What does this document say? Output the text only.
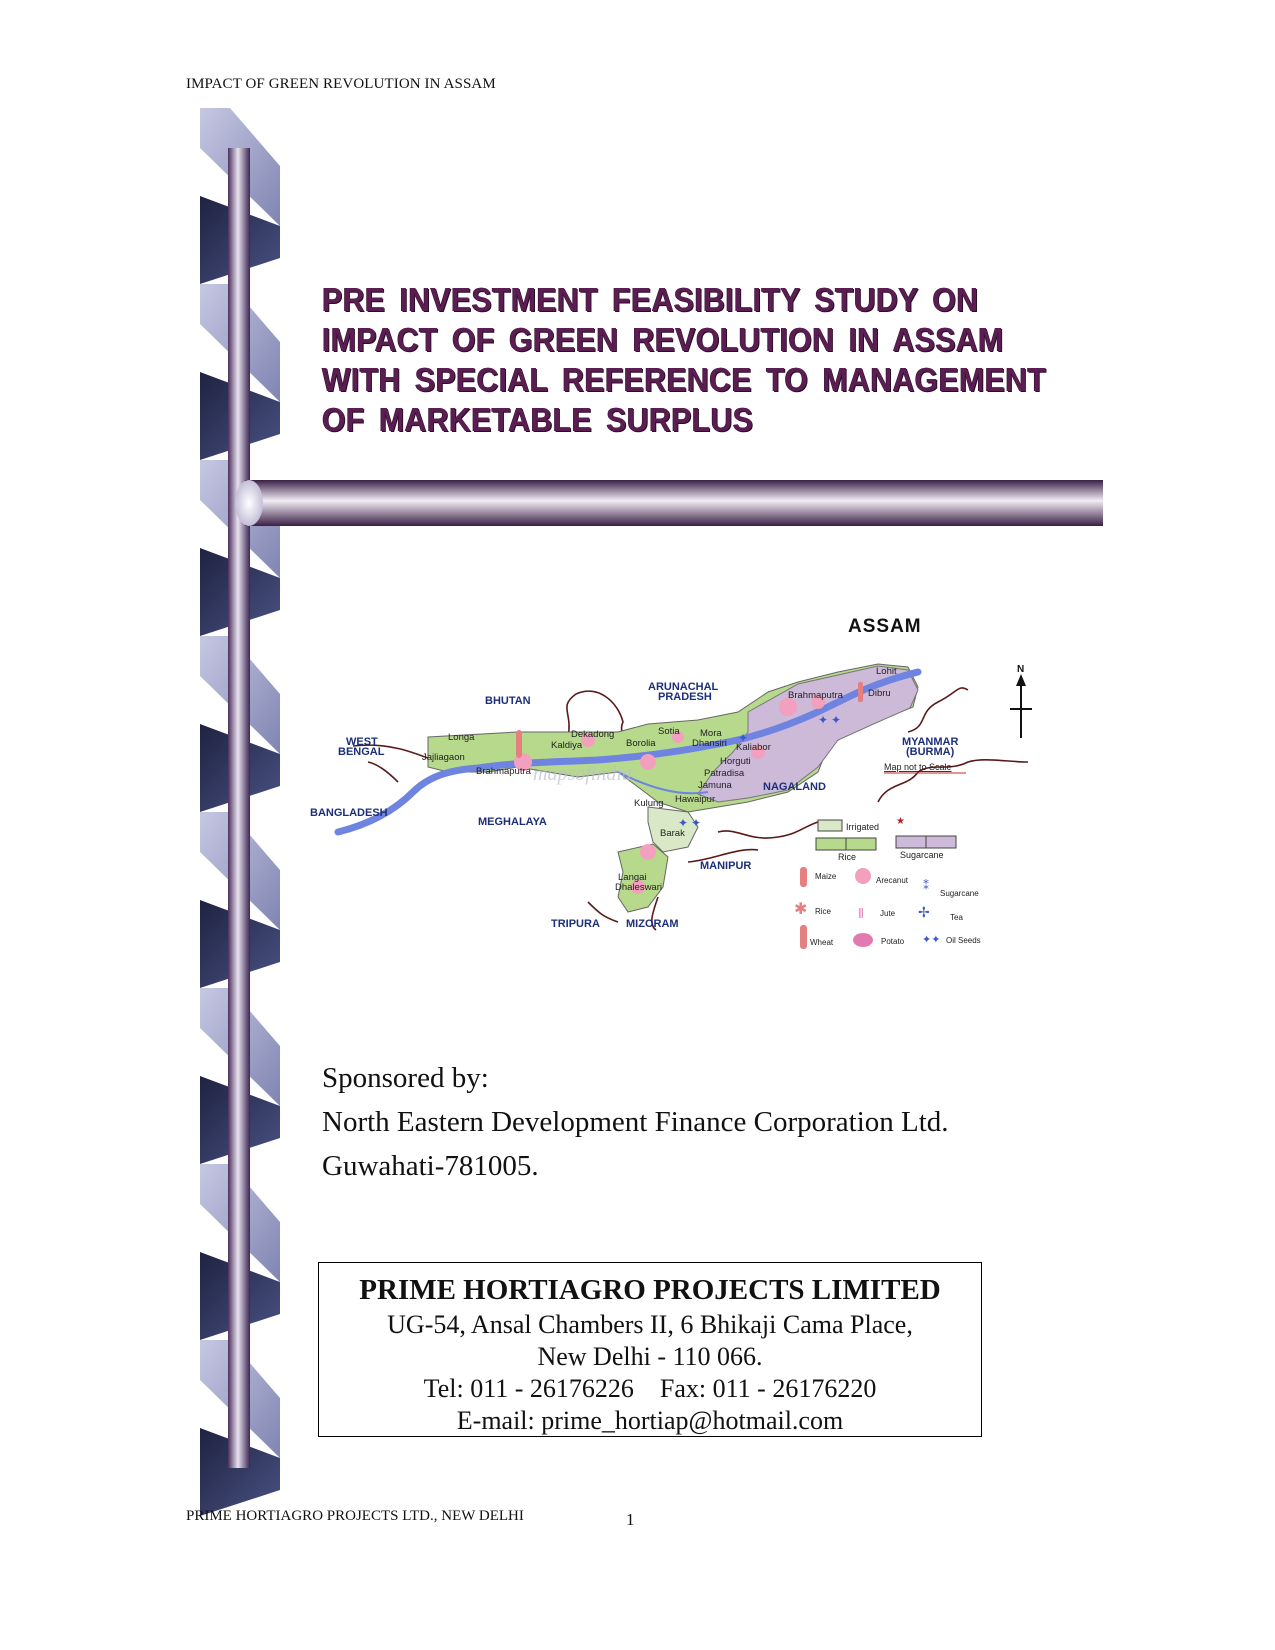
IMPACT OF GREEN REVOLUTION IN ASSAM
PRE INVESTMENT FEASIBILITY STUDY ON
IMPACT OF GREEN REVOLUTION IN ASSAM
WITH SPECIAL REFERENCE TO MANAGEMENT
OF MARKETABLE SURPLUS
ASSAM
N
✦ ✦
✦ ✦
✦
mapsofindia
BHUTAN
ARUNACHAL
PRADESH
WEST
BENGAL
MYANMAR
(BURMA)
Map not to Scale
BANGLADESH
MEGHALAYA
NAGALAND
MANIPUR
TRIPURA MIZORAM
Lohit
Dibru
Brahmaputra
Longa
Jajliagaon
Brahmaputra
Kaldiya
Dekadong
Borolia
Sotia Mora
Dhansiri Kaliabor
Horguti
Patradisa
Jamuna
Kulung Hawaipur
Barak
Langai
Dhaleswari
Irrigated ★
Rice	Sugarcane
Maize	Arecanut ⁑
Sugarcane
✱ Rice ⦀ Jute ✢	Tea
Wheat	Potato ✦✦ Oil Seeds
Sponsored by:
North Eastern Development Finance Corporation Ltd.
Guwahati-781005.
PRIME HORTIAGRO PROJECTS LIMITED
UG-54, Ansal Chambers II, 6 Bhikaji Cama Place,
New Delhi - 110 066.
Tel: 011 - 26176226    Fax: 011 - 26176220
E-mail: prime_hortiap@hotmail.com
PRIME HORTIAGRO PROJECTS LTD., NEW DELHI	1
